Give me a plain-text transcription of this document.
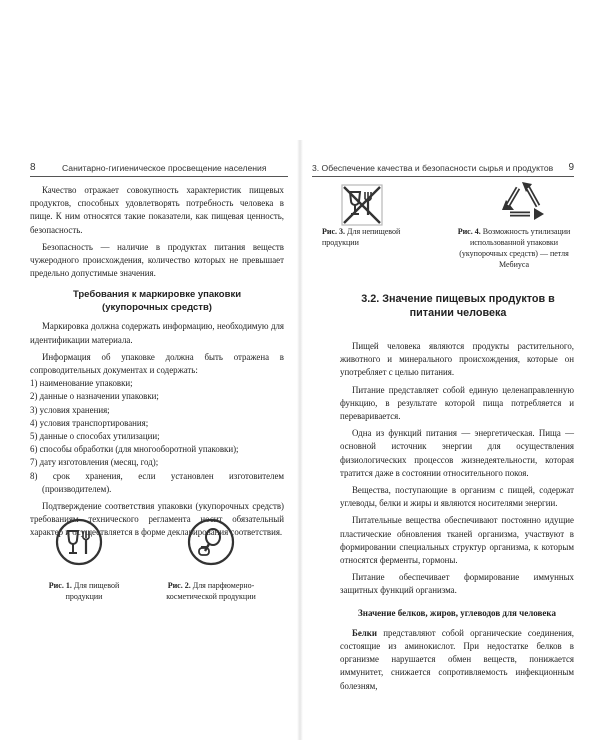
8	Санитарно-гигиеническое просвещение населения

Качество отражает совокупность характеристик пищевых продуктов, способных удовлетворять потребность человека в пище. К ним относятся такие показатели, как пищевая ценность, безопасность.

Безопасность — наличие в продуктах питания веществ чужеродного происхождения, количество которых не превышает предельно допустимые значения.

Требования к маркировке упаковки
(укупорочных средств)

Маркировка должна содержать информацию, необходимую для идентификации материала.

Информация об упаковке должна быть отражена в сопроводительных документах и содержать:

1) наименование упаковки;
2) данные о назначении упаковки;
3) условия хранения;
4) условия транспортирования;
5) данные о способах утилизации;
6) способы обработки (для многооборотной упаковки);
7) дату изготовления (месяц, год);
8) срок хранения, если установлен изготовителем (производителем).

Подтверждение соответствия упаковки (укупорочных средств) требованиям технического регламента носит обязательный характер и осуществляется в форме декларирования соответствия.

Рис. 1. Для пищевой продукции
Рис. 2. Для парфюмерно-косметической продукции
3. Обеспечение качества и безопасности сырья и продуктов 9
Рис. 3. Для непищевой продукции
Рис. 4. Возможность утилизации использованной упаковки (укупорочных средств) — петля Мебиуса
3.2. Значение пищевых продуктов в питании человека

Пищей человека являются продукты растительного, животного и минерального происхождения, которые он употребляет с целью питания.

Питание представляет собой единую целенаправленную функцию, в результате которой пища потребляется и переваривается.

Одна из функций питания — энергетическая. Пища — основной источник энергии для осуществления физиологических процессов жизнедеятельности, которая тратится даже в состоянии относительного покоя.

Вещества, поступающие в организм с пищей, содержат углеводы, белки и жиры и являются носителями энергии.

Питательные вещества обеспечивают постоянно идущие пластические обновления тканей организма, участвуют в формировании специальных структур организма, к которым относятся ферменты, гормоны.

Питание обеспечивает формирование иммунных защитных функций организма.

Значение белков, жиров, углеводов для человека

Белки представляют собой органические соединения, состоящие из аминокислот. При недостатке белков в организме нарушается обмен веществ, понижается иммунитет, снижается сопротивляемость инфекционным болезням,
